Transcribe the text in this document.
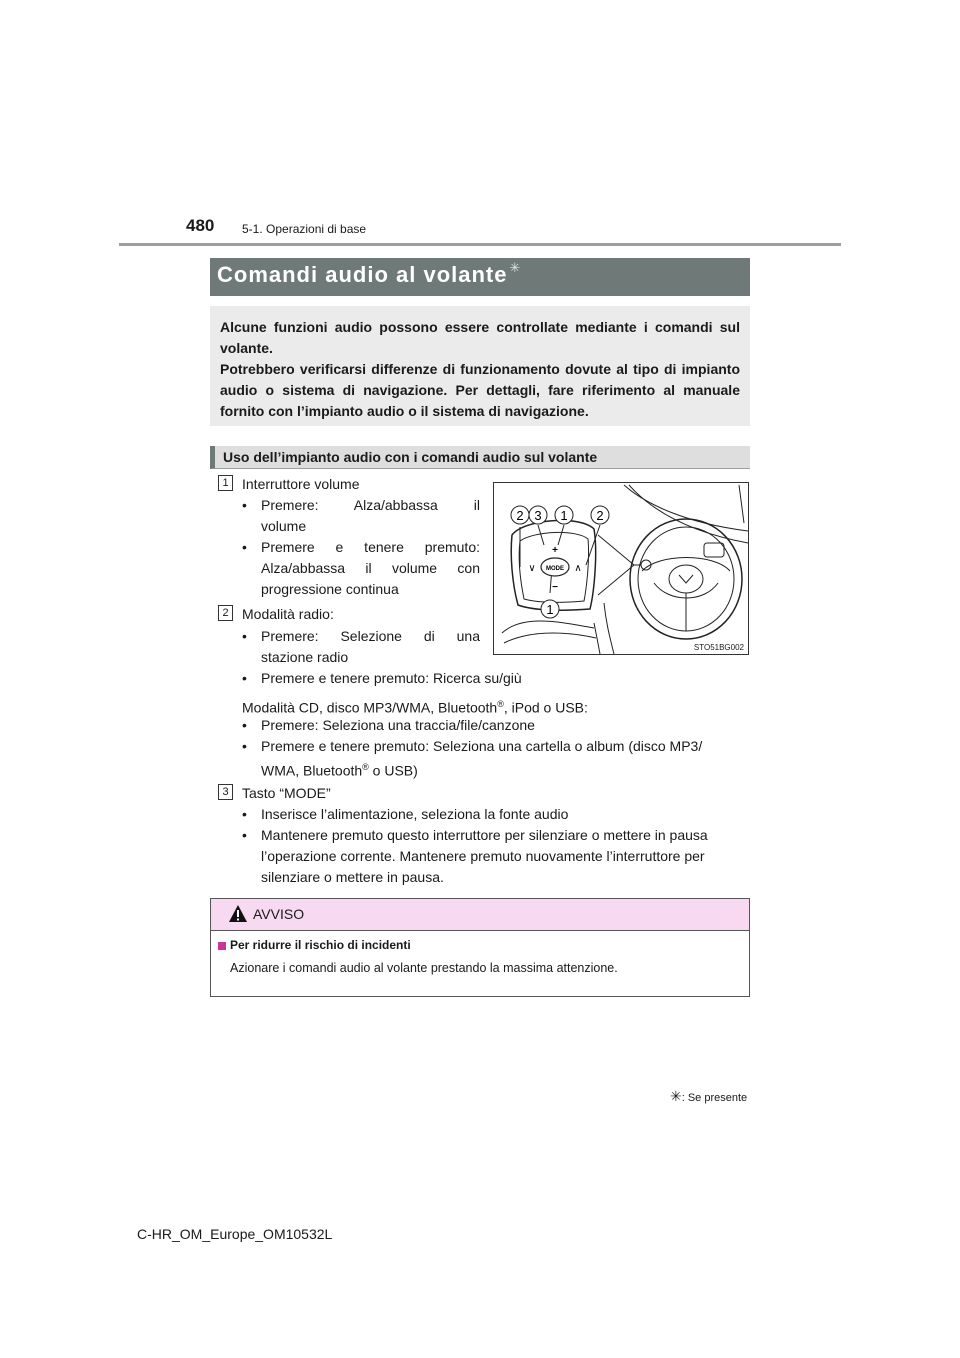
480 5-1. Operazioni di base
Comandi audio al volante ✳

Alcune funzioni audio possono essere controllate mediante i comandi sul volante.

Potrebbero verificarsi differenze di funzionamento dovute al tipo di impianto audio o sistema di navigazione. Per dettagli, fare riferimento al manuale fornito con l’impianto audio o il sistema di navigazione.

Uso dell’impianto audio con i comandi audio sul volante
1 Interruttore volume
• Premere: Alza/abbassa il
volume
• Premere e tenere premuto:
Alza/abbassa il volume con
progressione continua
2 Modalità radio:
• Premere: Selezione di una
stazione radio
• Premere e tenere premuto: Ricerca su/giù
Modalità CD, disco MP3/WMA, Bluetooth®, iPod o USB:
• Premere: Seleziona una traccia/file/canzone
• Premere e tenere premuto: Seleziona una cartella o album (disco MP3/
WMA, Bluetooth® o USB)
3 Tasto “MODE”
• Inserisce l’alimentazione, seleziona la fonte audio
• Mantenere premuto questo interruttore per silenziare o mettere in pausa
l’operazione corrente. Mantenere premuto nuovamente l’interruttore per
silenziare o mettere in pausa.
MODE
+
−
∨	∧
2 3 1 2
1
STO51BG002
AVVISO
Per ridurre il rischio di incidenti
Azionare i comandi audio al volante prestando la massima attenzione.
✳: Se presente
C-HR_OM_Europe_OM10532L
